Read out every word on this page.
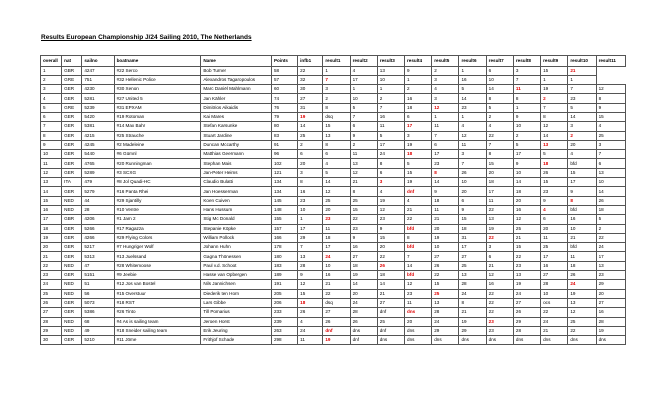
Results European Championship J/24 Sailing 2010, The Netherlands
overall	nat	sailno	boatname	Name	Points	infb1	result1	result2	result3	result4	result5	result6	result7	result8	result9	result10	result11
1	GBR	4247	#22 Serco	Bob Turner	58	22	1	4	13	9	2	1	6	3	15	21	
2	GRE	751	#32 Hellenic Police	Alexandros Tagaropoulos	57	32	7	17	10	1	3	16	10	7	1	1	
3	GER	4230	#30 Xenon	Marc Daniël Mahlmann	60	30	3	1	1	2	4	5	14	11	19	7	12
4	GER	5281	#27 United 5	Jan Kähler	74	27	2	10	2	16	3	14	8	8	2	23	8
5	GRE	5239	#31 EPXAM	Dimitrios Aikaidis	76	31	8	5	7	18	12	23	5	1	7	5	9
6	GER	5420	#19 Rotoman	Kai Mares	79	19	dsq	7	16	6	1	1	2	9	8	14	15
7	GER	5381	#14 Max Bahr	Stefan Karsunke	80	14	15	6	11	17	11	4	4	10	12	3	4
8	GER	4215	#25 Strauche	Stuart Jardine	83	25	13	9	5	3	7	12	22	2	14	2	25
9	GER	4245	#2 Madeleine	Duncan Mccarthy	91	2	8	2	17	19	6	11	7	5	13	20	3
10	GER	5440	#6 Gümnl	Matthias Geermann	96	6	6	11	24	18	17	3	8	17	5	4	7
11	GER	4765	#20 Runningman	Stephan Mais	102	20	4	13	8	5	23	7	15	9	18	bfd	6
12	GER	5289	#3 SCXG	Jan-Peter Heims	121	3	5	12	6	15	8	26	20	10	26	15	13
13	ITA	479	#8 Jol Quadi-HC	Claudio Bulatti	134	8	14	21	3	19	14	10	18	14	15	17	10
14	GER	5279	#16 Panta Rhei	Jan Hoesserman	134	16	12	8	4	dnf	9	20	17	18	23	9	14
15	NED	44	#29 Sjantilly	Koen Cuiven	145	23	25	25	19	4	18	6	11	20	9	8	26
16	NED	28	#10 Ventre	Hans Hussum	148	10	20	15	12	21	11	9	22	16	4	bfd	18
17	GBR	4206	#1 Jam 2	Stig Mc Donald	155	1	23	22	23	22	21	15	13	12	6	16	5
18	GER	5266	#17 Ragazza	Stepanie Köpke	157	17	11	23	9	bfd	20	18	19	25	20	10	2
19	GER	4266	#29 Flying Colors	William Pollock	166	29	18	9	15	8	19	31	22	21	11	21	22
20	GER	5217	#7 Hungriger Wolf	Johann Huhn	178	7	17	16	20	bfd	10	17	3	15	25	bfd	24
21	GER	5313	#13 Juelssand	Gagna Thönessen	180	13	24	27	22	7	27	27	6	22	17	11	17
22	NED	47	#28 Whitemoose	Paul v.d. Schoot	183	28	10	18	26	14	26	25	21	23	16	18	13
23	GER	5151	#9 Jeebie	Hasse van Opbergen	189	9	16	19	18	bfd	22	13	12	13	27	26	23
24	NED	51	#12 Jos van Bostel	Nils Jannichsen	191	12	21	14	14	12	15	28	16	19	28	24	29
25	NED	56	#15 Overstuur	Diederik ten Horn	205	15	22	20	21	23	25	24	22	24	10	19	20
26	GER	5073	#18 RST	Lars Gibbe	206	18	dsq	24	27	11	13	8	22	27	ocs	13	27
27	GER	5386	#26 Tinto	Till Pomarius	233	26	27	28	dnf	dns	28	21	22	26	22	12	16
28	NED	68	#4 As is sailing team	Jeroen Horst	239	4	26	26	25	20	24	19	23	29	24	25	28
29	NED	49	#18 Sneider sailing team	Erik Jeuring	263	24	dnf	dns	dnf	dns	29	29	23	28	21	22	19
30	GER	5210	#11 Jöme	Frithjof Schade	298	11	19	dnf	dns	dns	dns	dns	dns	dns	dns	dns	dns
